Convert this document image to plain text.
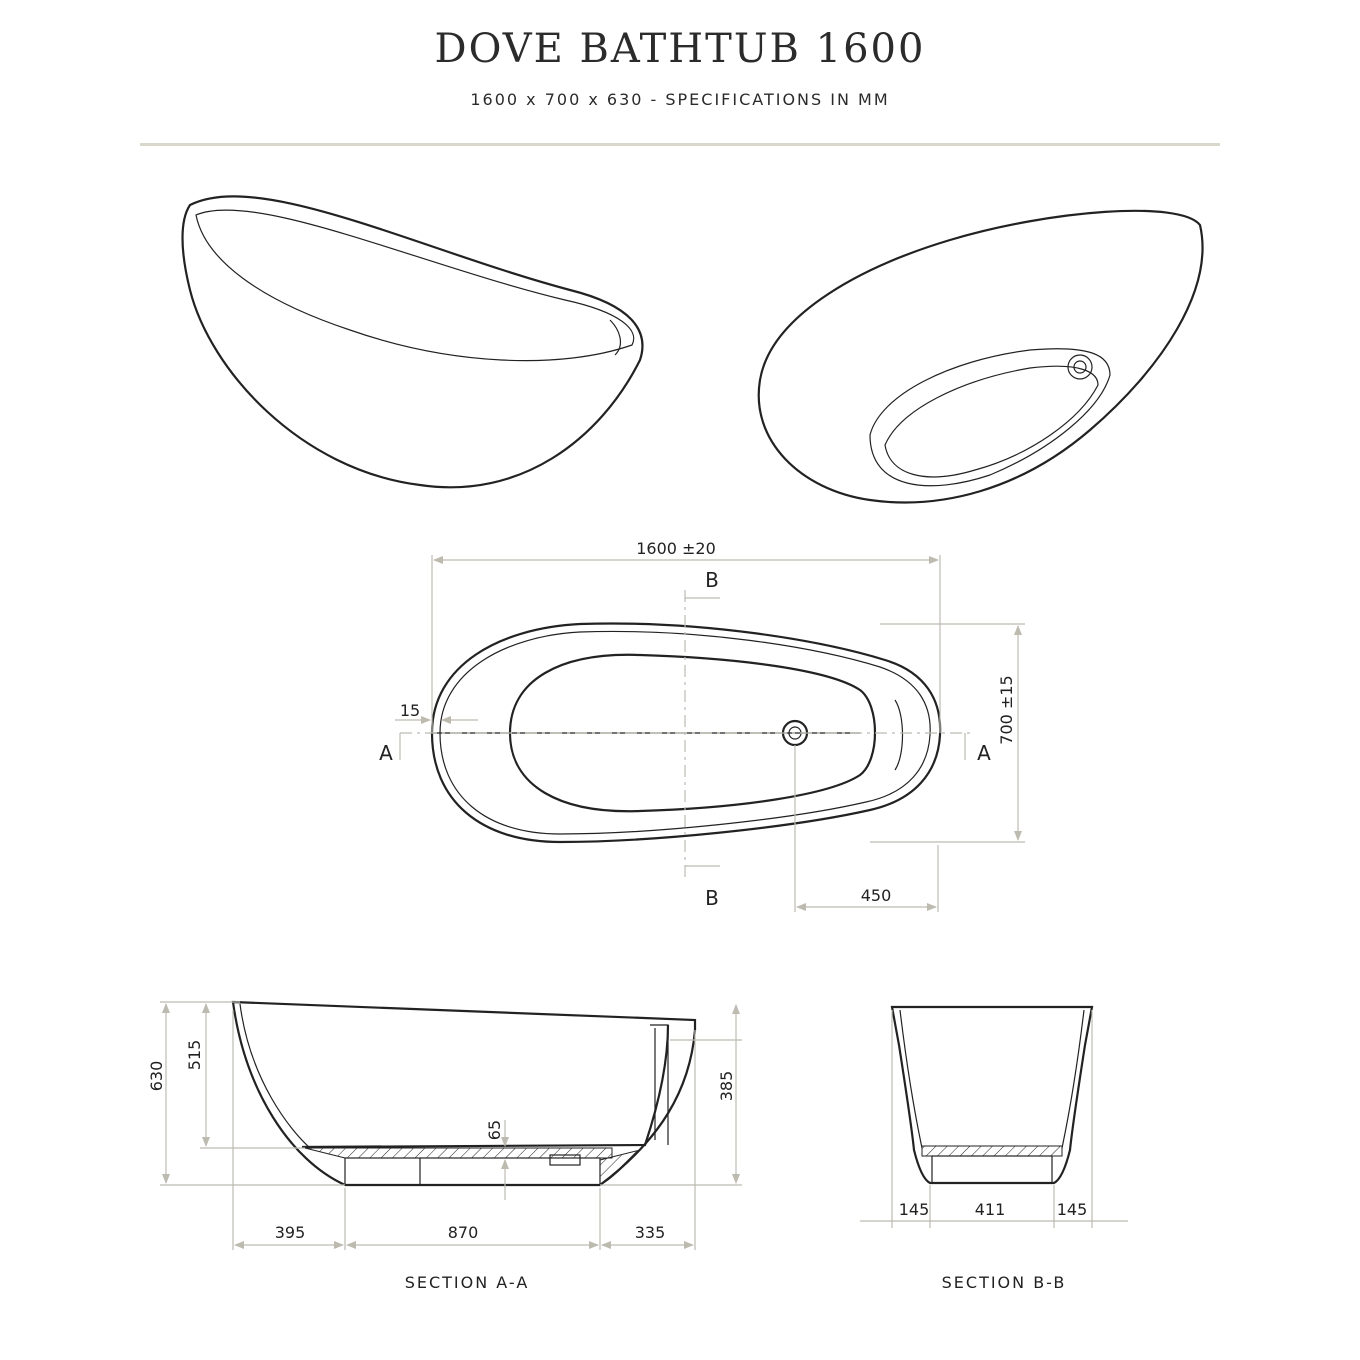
DOVE BATHTUB 1600
1600 x 700 x 630 - SPECIFICATIONS IN MM
1600 ±20
700 ±15
15
450
B
B
A	A
630
515
385
65
395	870	335
SECTION A-A
145	411	145
SECTION B-B
